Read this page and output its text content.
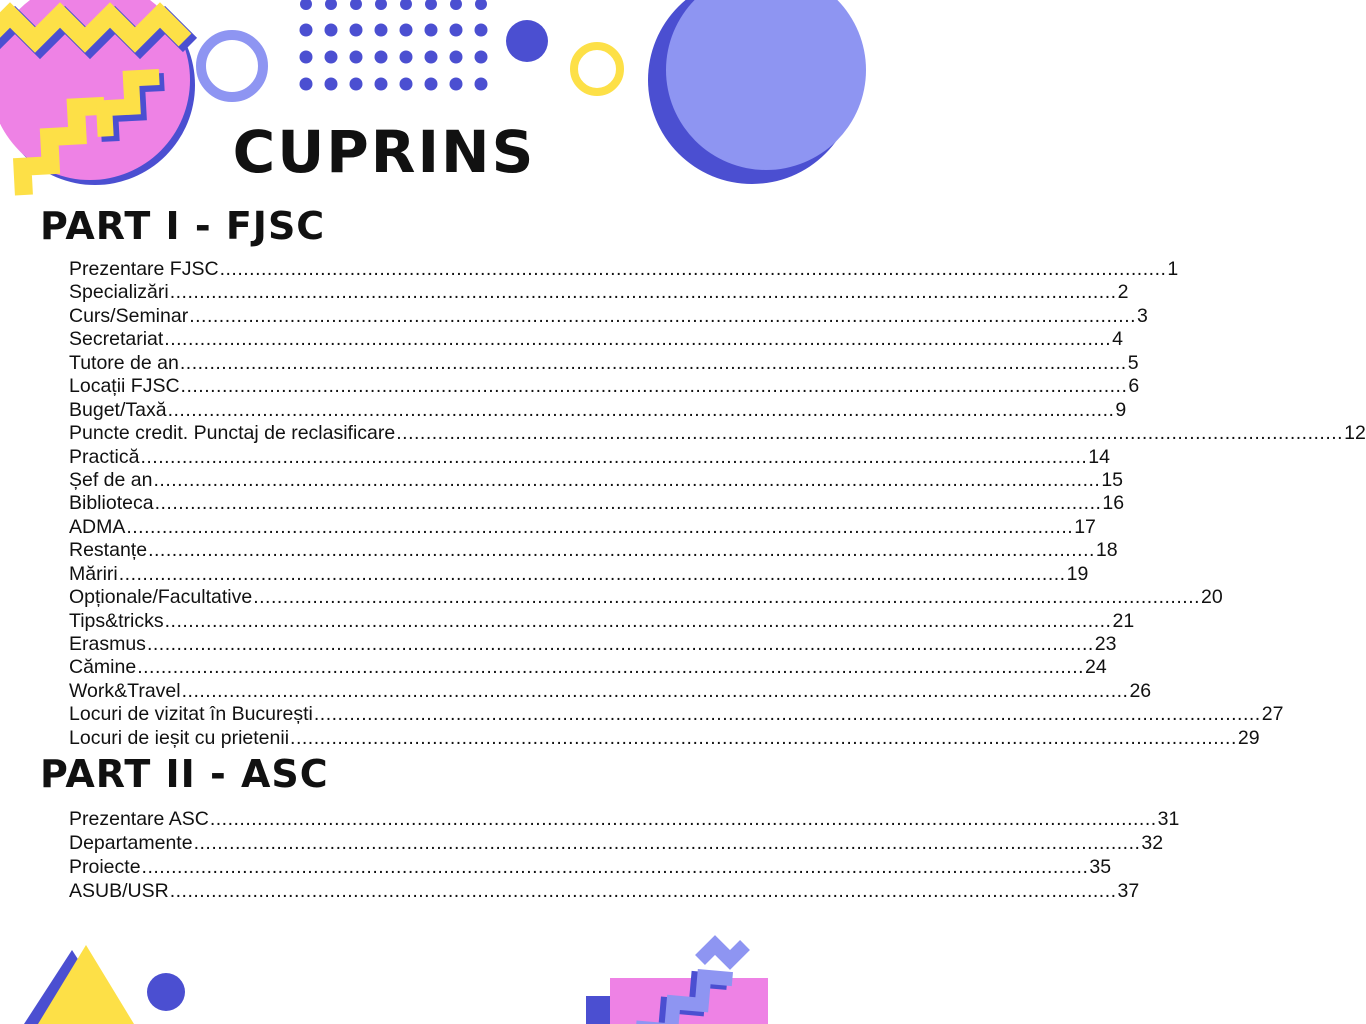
CUPRINS
PART I - FJSC
Prezentare FJSC ................................................................................................................................................................ 1
Specializări ................................................................................................................................................................ 2
Curs/Seminar ................................................................................................................................................................ 3
Secretariat ................................................................................................................................................................ 4
Tutore de an ................................................................................................................................................................ 5
Locații FJSC ................................................................................................................................................................ 6
Buget/Taxă ................................................................................................................................................................ 9
Puncte credit. Punctaj de reclasificare ................................................................................................................................................................ 12
Practică ................................................................................................................................................................ 14
Șef de an ................................................................................................................................................................ 15
Biblioteca ................................................................................................................................................................ 16
ADMA ................................................................................................................................................................ 17
Restanțe ................................................................................................................................................................ 18
Măriri ................................................................................................................................................................ 19
Opționale/Facultative ................................................................................................................................................................ 20
Tips&tricks ................................................................................................................................................................ 21
Erasmus ................................................................................................................................................................ 23
Cămine ................................................................................................................................................................ 24
Work&Travel ................................................................................................................................................................ 26
Locuri de vizitat în București ................................................................................................................................................................ 27
Locuri de ieșit cu prietenii ................................................................................................................................................................ 29
PART II - ASC
Prezentare ASC ................................................................................................................................................................ 31
Departamente ................................................................................................................................................................ 32
Proiecte ................................................................................................................................................................ 35
ASUB/USR ................................................................................................................................................................ 37
